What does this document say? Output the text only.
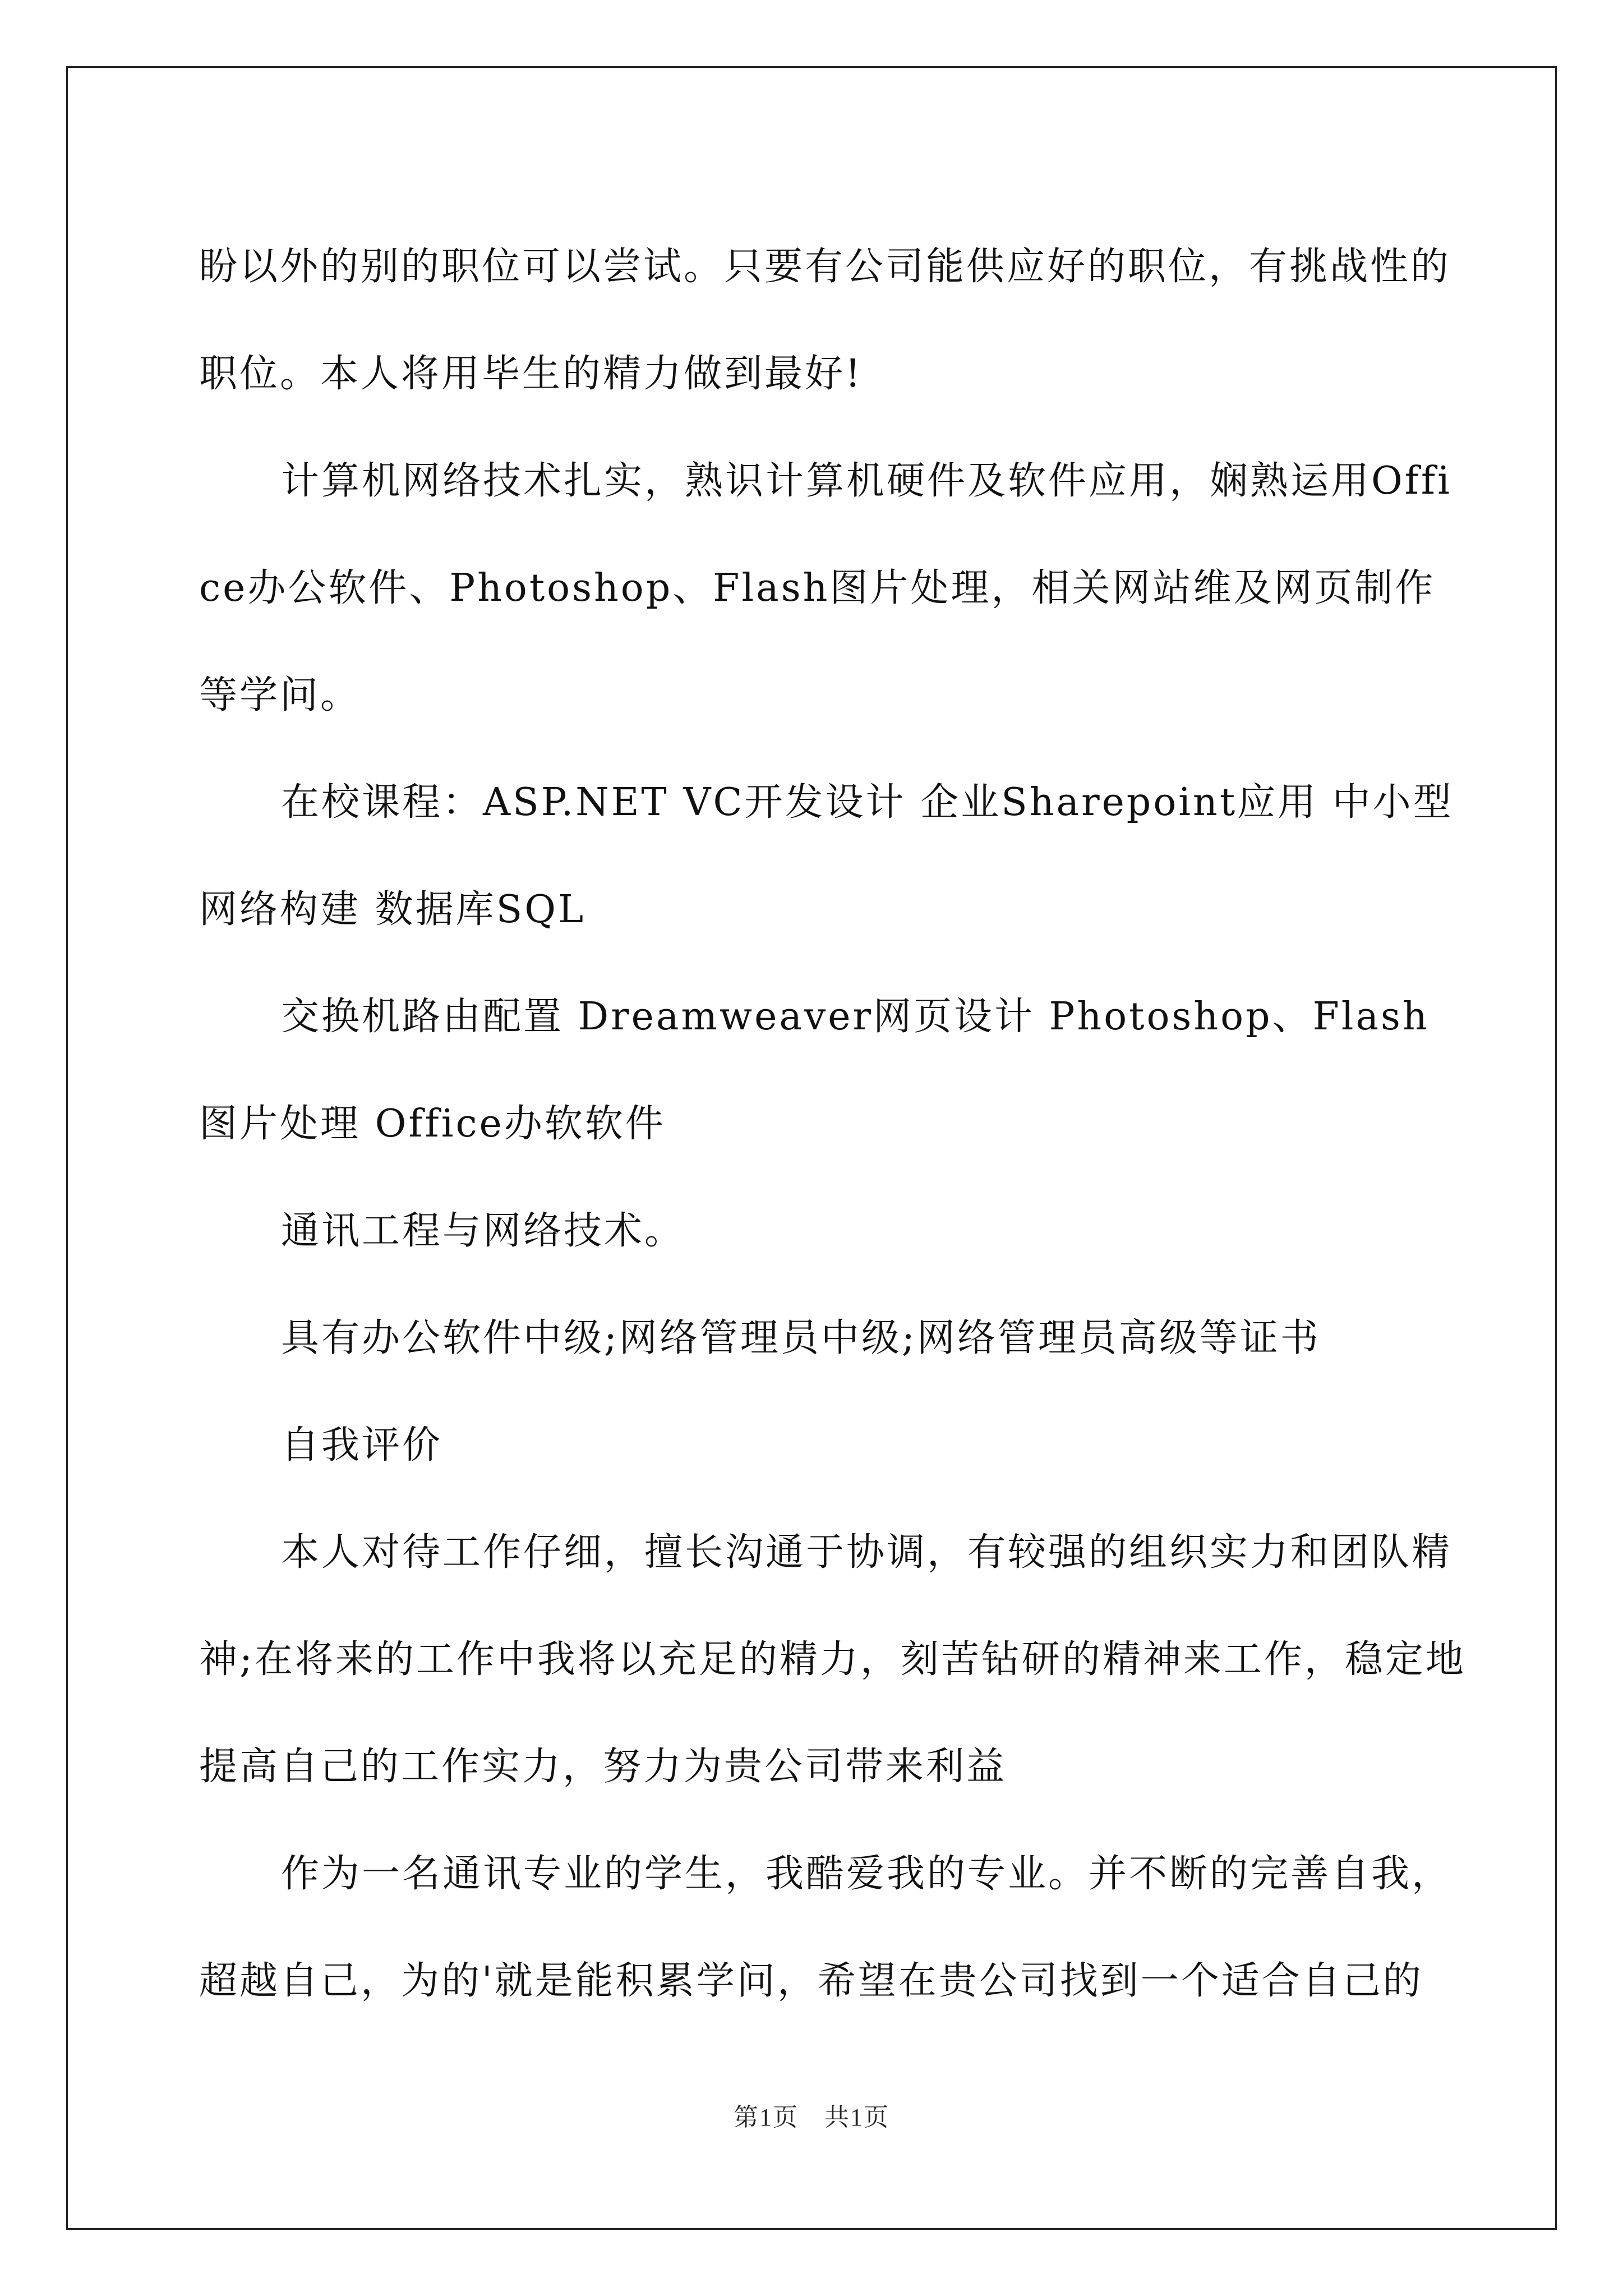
盼以外的别的职位可以尝试。只要有公司能供应好的职位，有挑战性的职位。本人将用毕生的精力做到最好!

计算机网络技术扎实，熟识计算机硬件及软件应用，娴熟运用Office办公软件、Photoshop、Flash图片处理，相关网站维及网页制作等学问。

在校课程：ASP.NET VC开发设计 企业Sharepoint应用 中小型网络构建 数据库SQL

交换机路由配置 Dreamweaver网页设计 Photoshop、Flash 图片处理 Office办软软件

通讯工程与网络技术。

具有办公软件中级;网络管理员中级;网络管理员高级等证书

自我评价

本人对待工作仔细，擅长沟通于协调，有较强的组织实力和团队精神;在将来的工作中我将以充足的精力，刻苦钻研的精神来工作，稳定地提高自己的工作实力，努力为贵公司带来利益

作为一名通讯专业的学生，我酷爱我的专业。并不断的完善自我，超越自己，为的'就是能积累学问，希望在贵公司找到一个适合自己的

第1页　共1页
